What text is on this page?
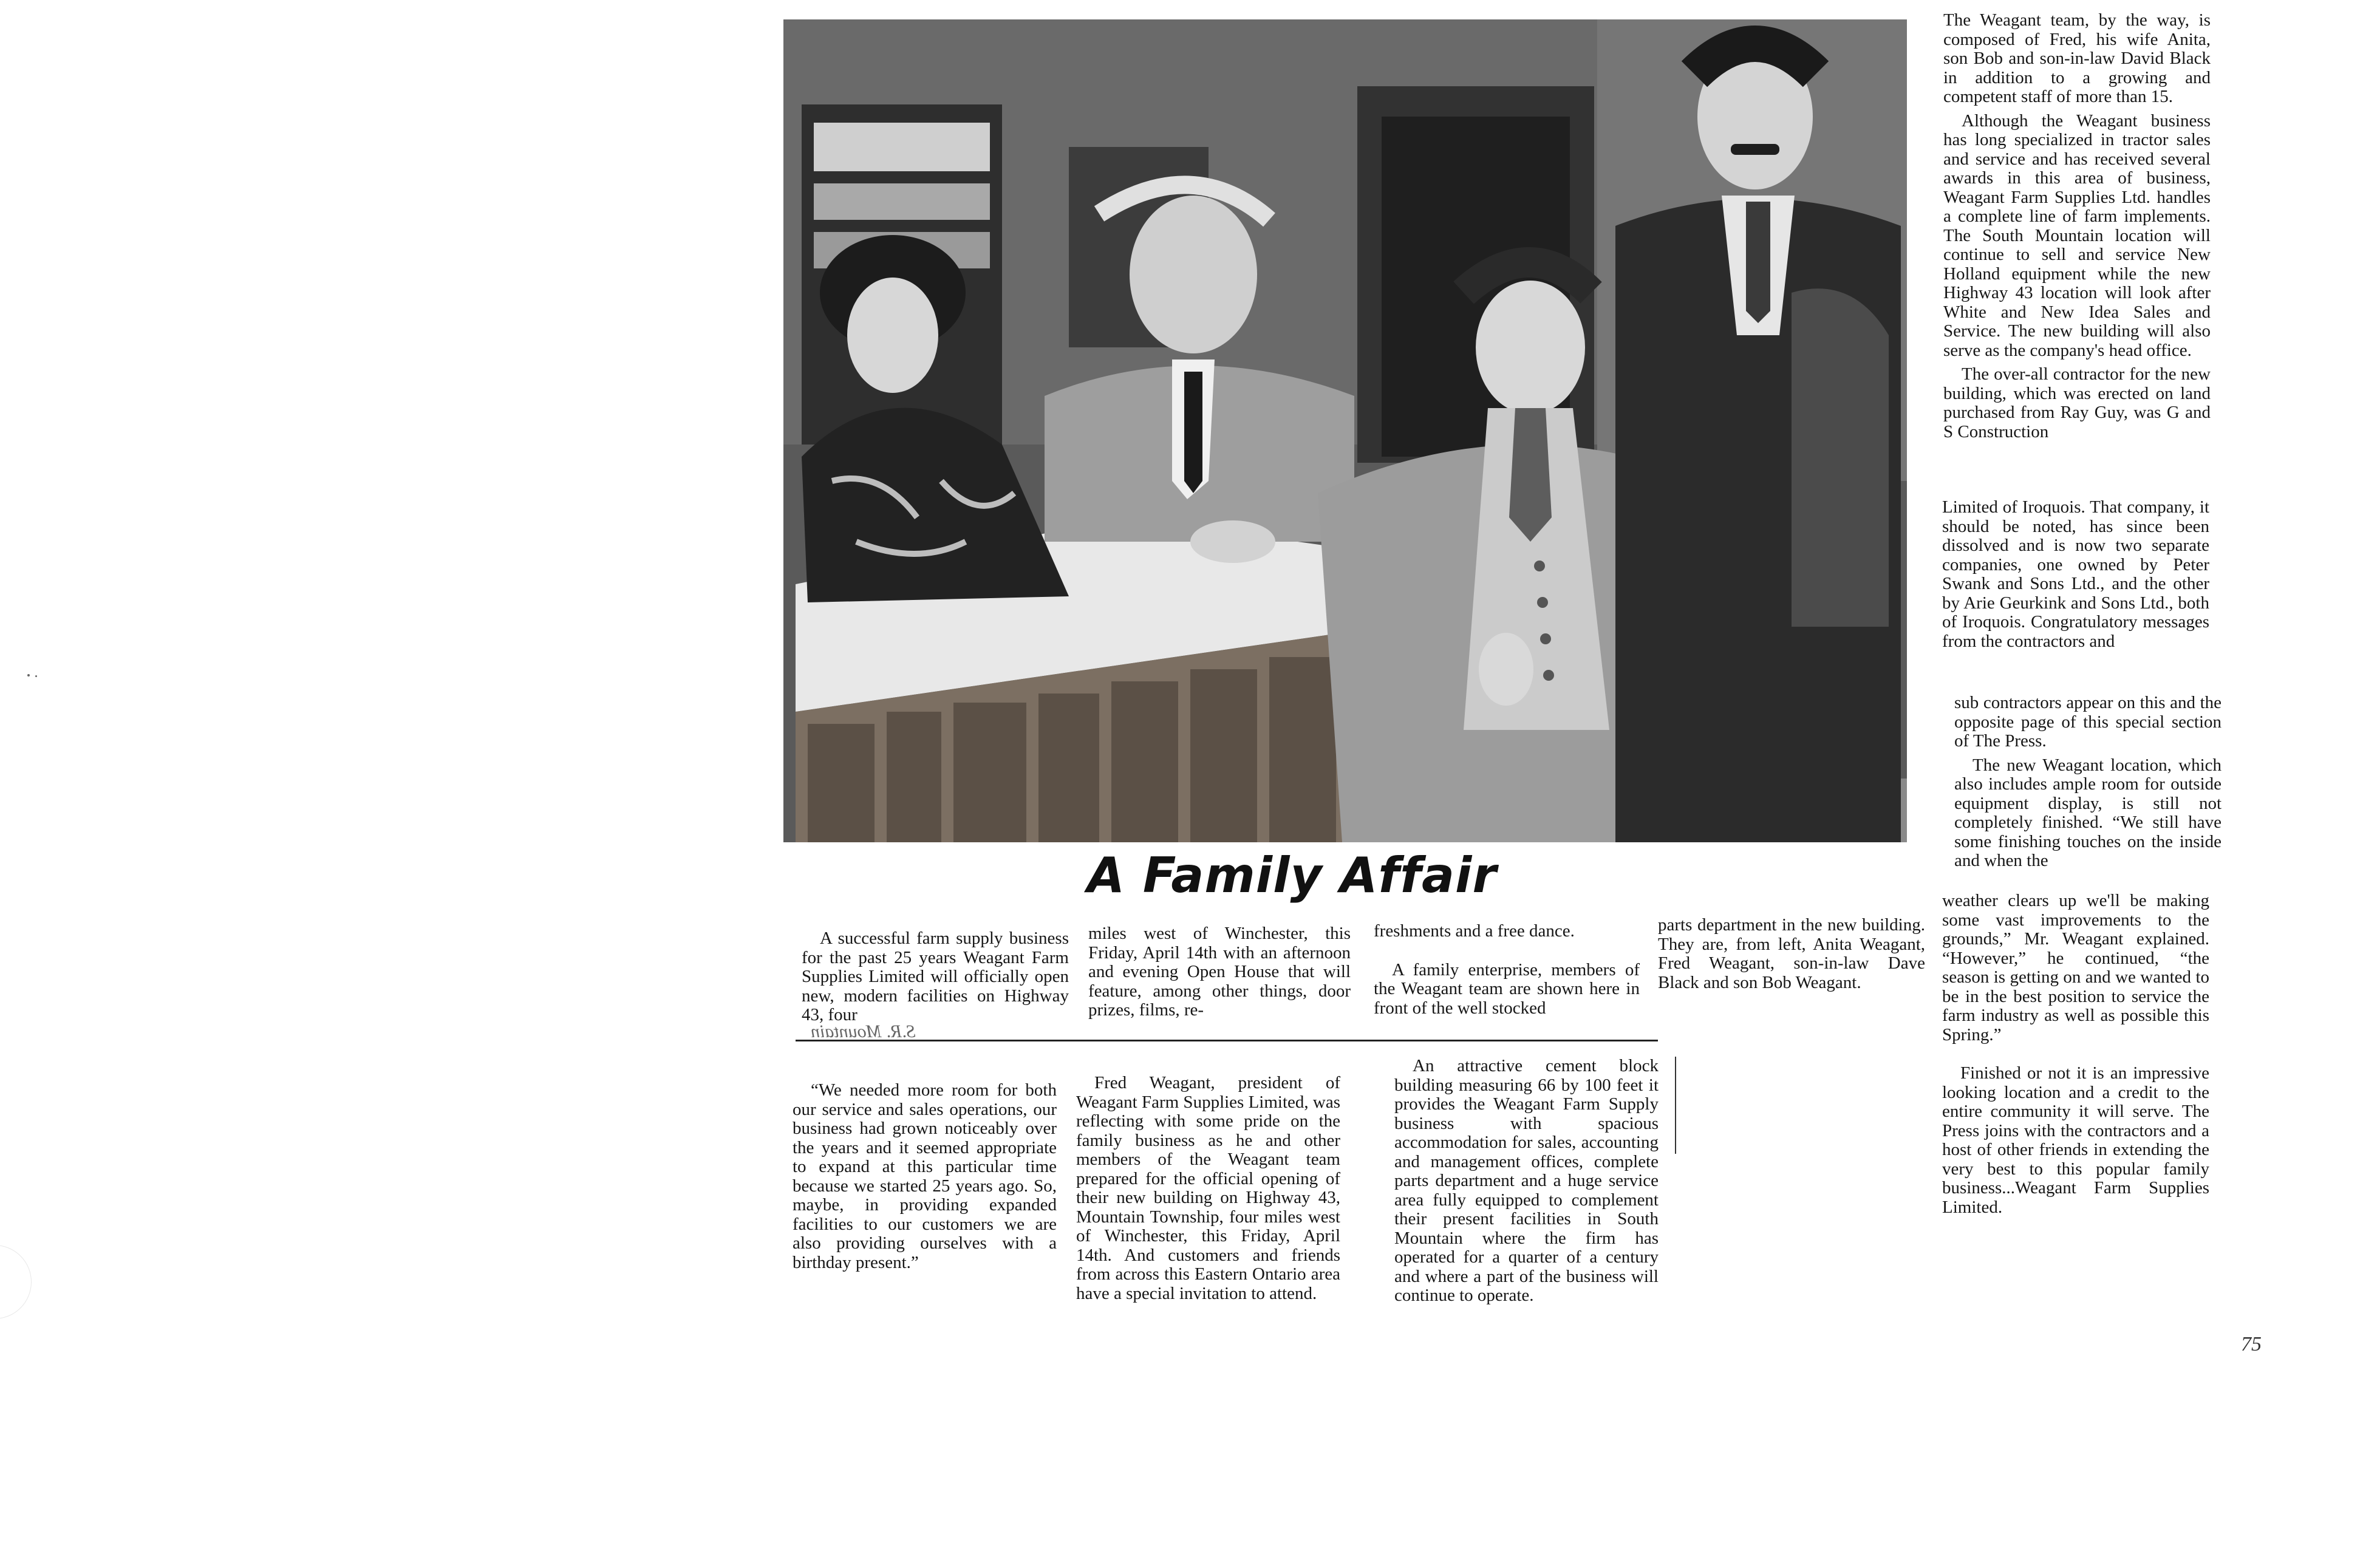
A Family Affair

A successful farm supply business for the past 25 years Weagant Farm Supplies Limited will officially open new, modern facilities on Highway 43, four

miles west of Winchester, this Friday, April 14th with an afternoon and evening Open House that will feature, among other things, door prizes, films, re-

freshments and a free dance.

A family enterprise, members of the Weagant team are shown here in front of the well stocked

parts department in the new building. They are, from left, Anita Weagant, Fred Weagant, son-in-law Dave Black and son Bob Weagant.

S.R. Mountain

“We needed more room for both our service and sales operations, our business had grown noticeably over the years and it seemed appropriate to expand at this particular time because we started 25 years ago. So, maybe, in providing expanded facilities to our customers we are also providing ourselves with a birthday present.”

Fred Weagant, president of Weagant Farm Supplies Limited, was reflecting with some pride on the family business as he and other members of the Weagant team prepared for the official opening of their new building on Highway 43, Mountain Township, four miles west of Winchester, this Friday, April 14th. And customers and friends from across this Eastern Ontario area have a special invitation to attend.

An attractive cement block building measuring 66 by 100 feet it provides the Weagant Farm Supply business with spacious accommodation for sales, accounting and management offices, complete parts department and a huge service area fully equipped to complement their present facilities in South Mountain where the firm has operated for a quarter of a century and where a part of the business will continue to operate.

The Weagant team, by the way, is composed of Fred, his wife Anita, son Bob and son-in-law David Black in addition to a growing and competent staff of more than 15.

Although the Weagant business has long specialized in tractor sales and service and has received several awards in this area of business, Weagant Farm Supplies Ltd. handles a complete line of farm implements. The South Mountain location will continue to sell and service New Holland equipment while the new Highway 43 location will look after White and New Idea Sales and Service. The new building will also serve as the company's head office.

The over-all contractor for the new building, which was erected on land purchased from Ray Guy, was G and S Construction

Limited of Iroquois. That company, it should be noted, has since been dissolved and is now two separate companies, one owned by Peter Swank and Sons Ltd., and the other by Arie Geurkink and Sons Ltd., both of Iroquois. Congratulatory messages from the contractors and

sub contractors appear on this and the opposite page of this special section of The Press.

The new Weagant location, which also includes ample room for outside equipment display, is still not completely finished. “We still have some finishing touches on the inside and when the

weather clears up we'll be making some vast improvements to the grounds,” Mr. Weagant explained. “However,” he continued, “the season is getting on and we wanted to be in the best position to service the farm industry as well as possible this Spring.”

Finished or not it is an impressive looking location and a credit to the entire community it will serve. The Press joins with the contractors and a host of other friends in extending the very best to this popular family business...Weagant Farm Supplies Limited.

75
